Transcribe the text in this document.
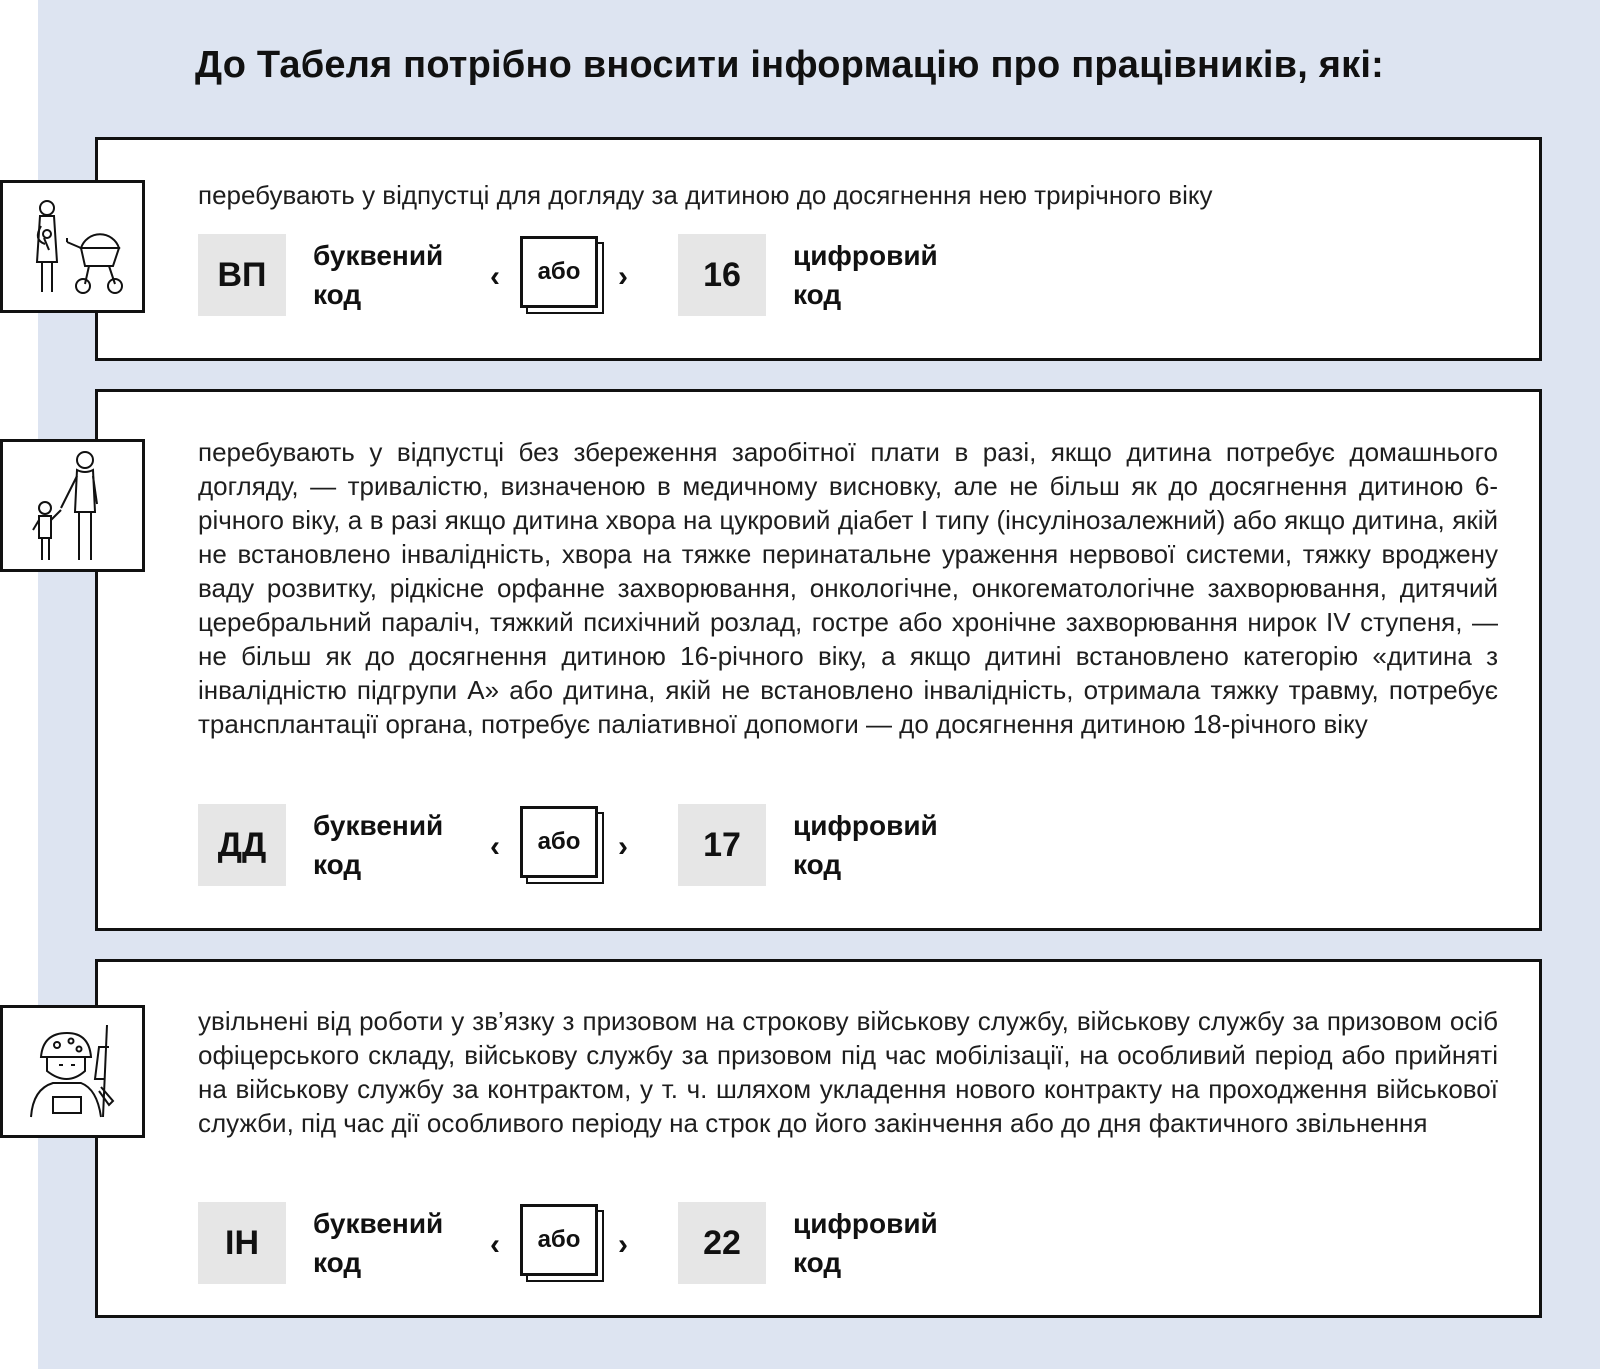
До Табеля потрібно вносити інформацію про працівників, які:
перебувають у відпустці для догляду за дитиною до досягнення нею трирічного віку
ВП	буквений
код
‹	або	›	16	цифровий
код
перебувають у відпустці без збереження заробітної плати в разі, якщо дитина потребує домашнього догляду, — тривалістю, визначеною в медичному висновку, але не більш як до досягнення дитиною 6-річного віку, а в разі якщо дитина хвора на цукровий діабет І типу (інсулінозалежний) або якщо дитина, якій не встановлено інвалідність, хвора на тяжке перинатальне ураження нервової системи, тяжку вроджену ваду розвитку, рідкісне орфанне захворювання, онкологічне, онкогематологічне захворювання, дитячий церебральний параліч, тяжкий психічний розлад, гостре або хронічне захворювання нирок IV ступеня, — не більш як до досягнення дитиною 16-річного віку, а якщо дитині встановлено категорію «дитина з інвалідністю підгрупи А» або дитина, якій не встановлено інвалідність, отримала тяжку травму, потребує трансплантації органа, потребує паліативної допомоги — до досягнення дитиною 18-річного віку
ДД	буквений
код
‹	або	›	17	цифровий
код
увільнені від роботи у зв’язку з призовом на строкову військову службу, військову службу за призовом осіб офіцерського складу, військову службу за призовом під час мобілізації, на особливий період або прийняті на військову службу за контрактом, у т. ч. шляхом укладення нового контракту на проходження військової служби, під час дії особливого періоду на строк до його закінчення або до дня фактичного звільнення
ІН	буквений
код
‹	або	›	22	цифровий
код
